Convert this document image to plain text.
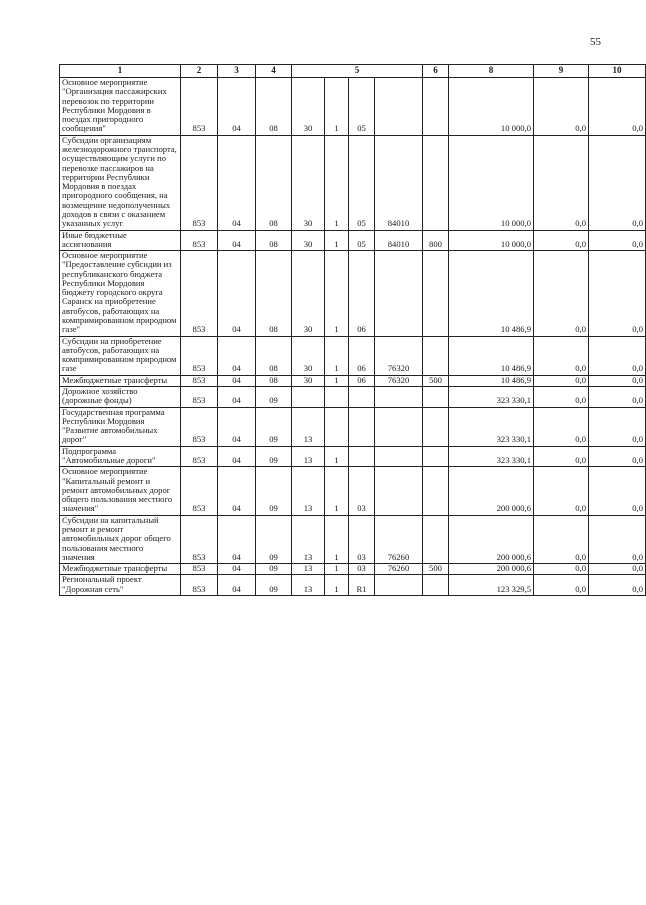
55
1	2	3	4	5				6	8	9	10
Основное мероприятие "Организация пассажирских перевозок по территории Республики Мордовия в поездах пригородного сообщения"	853	04	08	30	1	05			10 000,0	0,0	0,0
Субсидии организациям железнодорожного транспорта, осуществляющим услуги по перевозке пассажиров на территории Республики Мордовия в поездах пригородного сообщения, на возмещение недополученных доходов в связи с оказанием указанных услуг	853	04	08	30	1	05	84010		10 000,0	0,0	0,0
Иные бюджетные ассигнования	853	04	08	30	1	05	84010	800	10 000,0	0,0	0,0
Основное мероприятие "Предоставление субсидии из республиканского бюджета Республики Мордовия бюджету городского округа Саранск на приобретение автобусов, работающих на компримированном природном газе"	853	04	08	30	1	06			10 486,9	0,0	0,0
Субсидии на приобретение автобусов, работающих на компримированном природном газе	853	04	08	30	1	06	76320		10 486,9	0,0	0,0
Межбюджетные трансферты	853	04	08	30	1	06	76320	500	10 486,9	0,0	0,0
Дорожное хозяйство (дорожные фонды)	853	04	09						323 330,1	0,0	0,0
Государственная программа Республики Мордовия "Развитие автомобильных дорог"	853	04	09	13					323 330,1	0,0	0,0
Подпрограмма "Автомобильные дороги"	853	04	09	13	1				323 330,1	0,0	0,0
Основное мероприятие "Капитальный ремонт и ремонт автомобильных дорог общего пользования местного значения"	853	04	09	13	1	03			200 000,6	0,0	0,0
Субсидии на капитальный ремонт и ремонт автомобильных дорог общего пользования местного значения	853	04	09	13	1	03	76260		200 000,6	0,0	0,0
Межбюджетные трансферты	853	04	09	13	1	03	76260	500	200 000,6	0,0	0,0
Региональный проект "Дорожная сеть"	853	04	09	13	1	R1			123 329,5	0,0	0,0
